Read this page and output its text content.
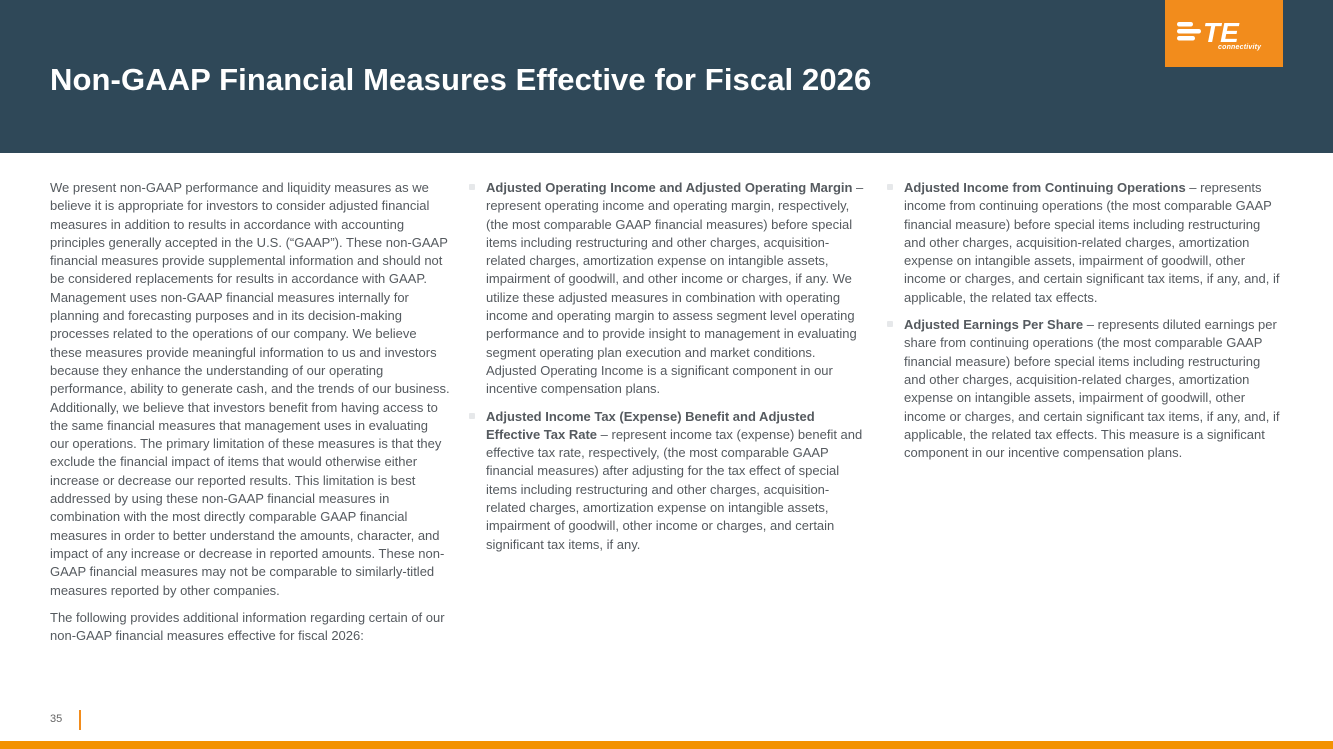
Non-GAAP Financial Measures Effective for Fiscal 2026
TE
connectivity

We present non-GAAP performance and liquidity measures as we believe it is appropriate for investors to consider adjusted financial measures in addition to results in accordance with accounting principles generally accepted in the U.S. (“GAAP”). These non-GAAP financial measures provide supplemental information and should not be considered replacements for results in accordance with GAAP. Management uses non-GAAP financial measures internally for planning and forecasting purposes and in its decision-making processes related to the operations of our company. We believe these measures provide meaningful information to us and investors because they enhance the understanding of our operating performance, ability to generate cash, and the trends of our business. Additionally, we believe that investors benefit from having access to the same financial measures that management uses in evaluating our operations. The primary limitation of these measures is that they exclude the financial impact of items that would otherwise either increase or decrease our reported results. This limitation is best addressed by using these non-GAAP financial measures in combination with the most directly comparable GAAP financial measures in order to better understand the amounts, character, and impact of any increase or decrease in reported amounts. These non-GAAP financial measures may not be comparable to similarly-titled measures reported by other companies.

The following provides additional information regarding certain of our non-GAAP financial measures effective for fiscal 2026:

Adjusted Operating Income and Adjusted Operating Margin – represent operating income and operating margin, respectively, (the most comparable GAAP financial measures) before special items including restructuring and other charges, acquisition-related charges, amortization expense on intangible assets, impairment of goodwill, and other income or charges, if any. We utilize these adjusted measures in combination with operating income and operating margin to assess segment level operating performance and to provide insight to management in evaluating segment operating plan execution and market conditions. Adjusted Operating Income is a significant component in our incentive compensation plans.
Adjusted Income Tax (Expense) Benefit and Adjusted Effective Tax Rate – represent income tax (expense) benefit and effective tax rate, respectively, (the most comparable GAAP financial measures) after adjusting for the tax effect of special items including restructuring and other charges, acquisition-related charges, amortization expense on intangible assets, impairment of goodwill, other income or charges, and certain significant tax items, if any.
Adjusted Income from Continuing Operations – represents income from continuing operations (the most comparable GAAP financial measure) before special items including restructuring and other charges, acquisition-related charges, amortization expense on intangible assets, impairment of goodwill, other income or charges, and certain significant tax items, if any, and, if applicable, the related tax effects.
Adjusted Earnings Per Share – represents diluted earnings per share from continuing operations (the most comparable GAAP financial measure) before special items including restructuring and other charges, acquisition-related charges, amortization expense on intangible assets, impairment of goodwill, other income or charges, and certain significant tax items, if any, and, if applicable, the related tax effects. This measure is a significant component in our incentive compensation plans.
35
